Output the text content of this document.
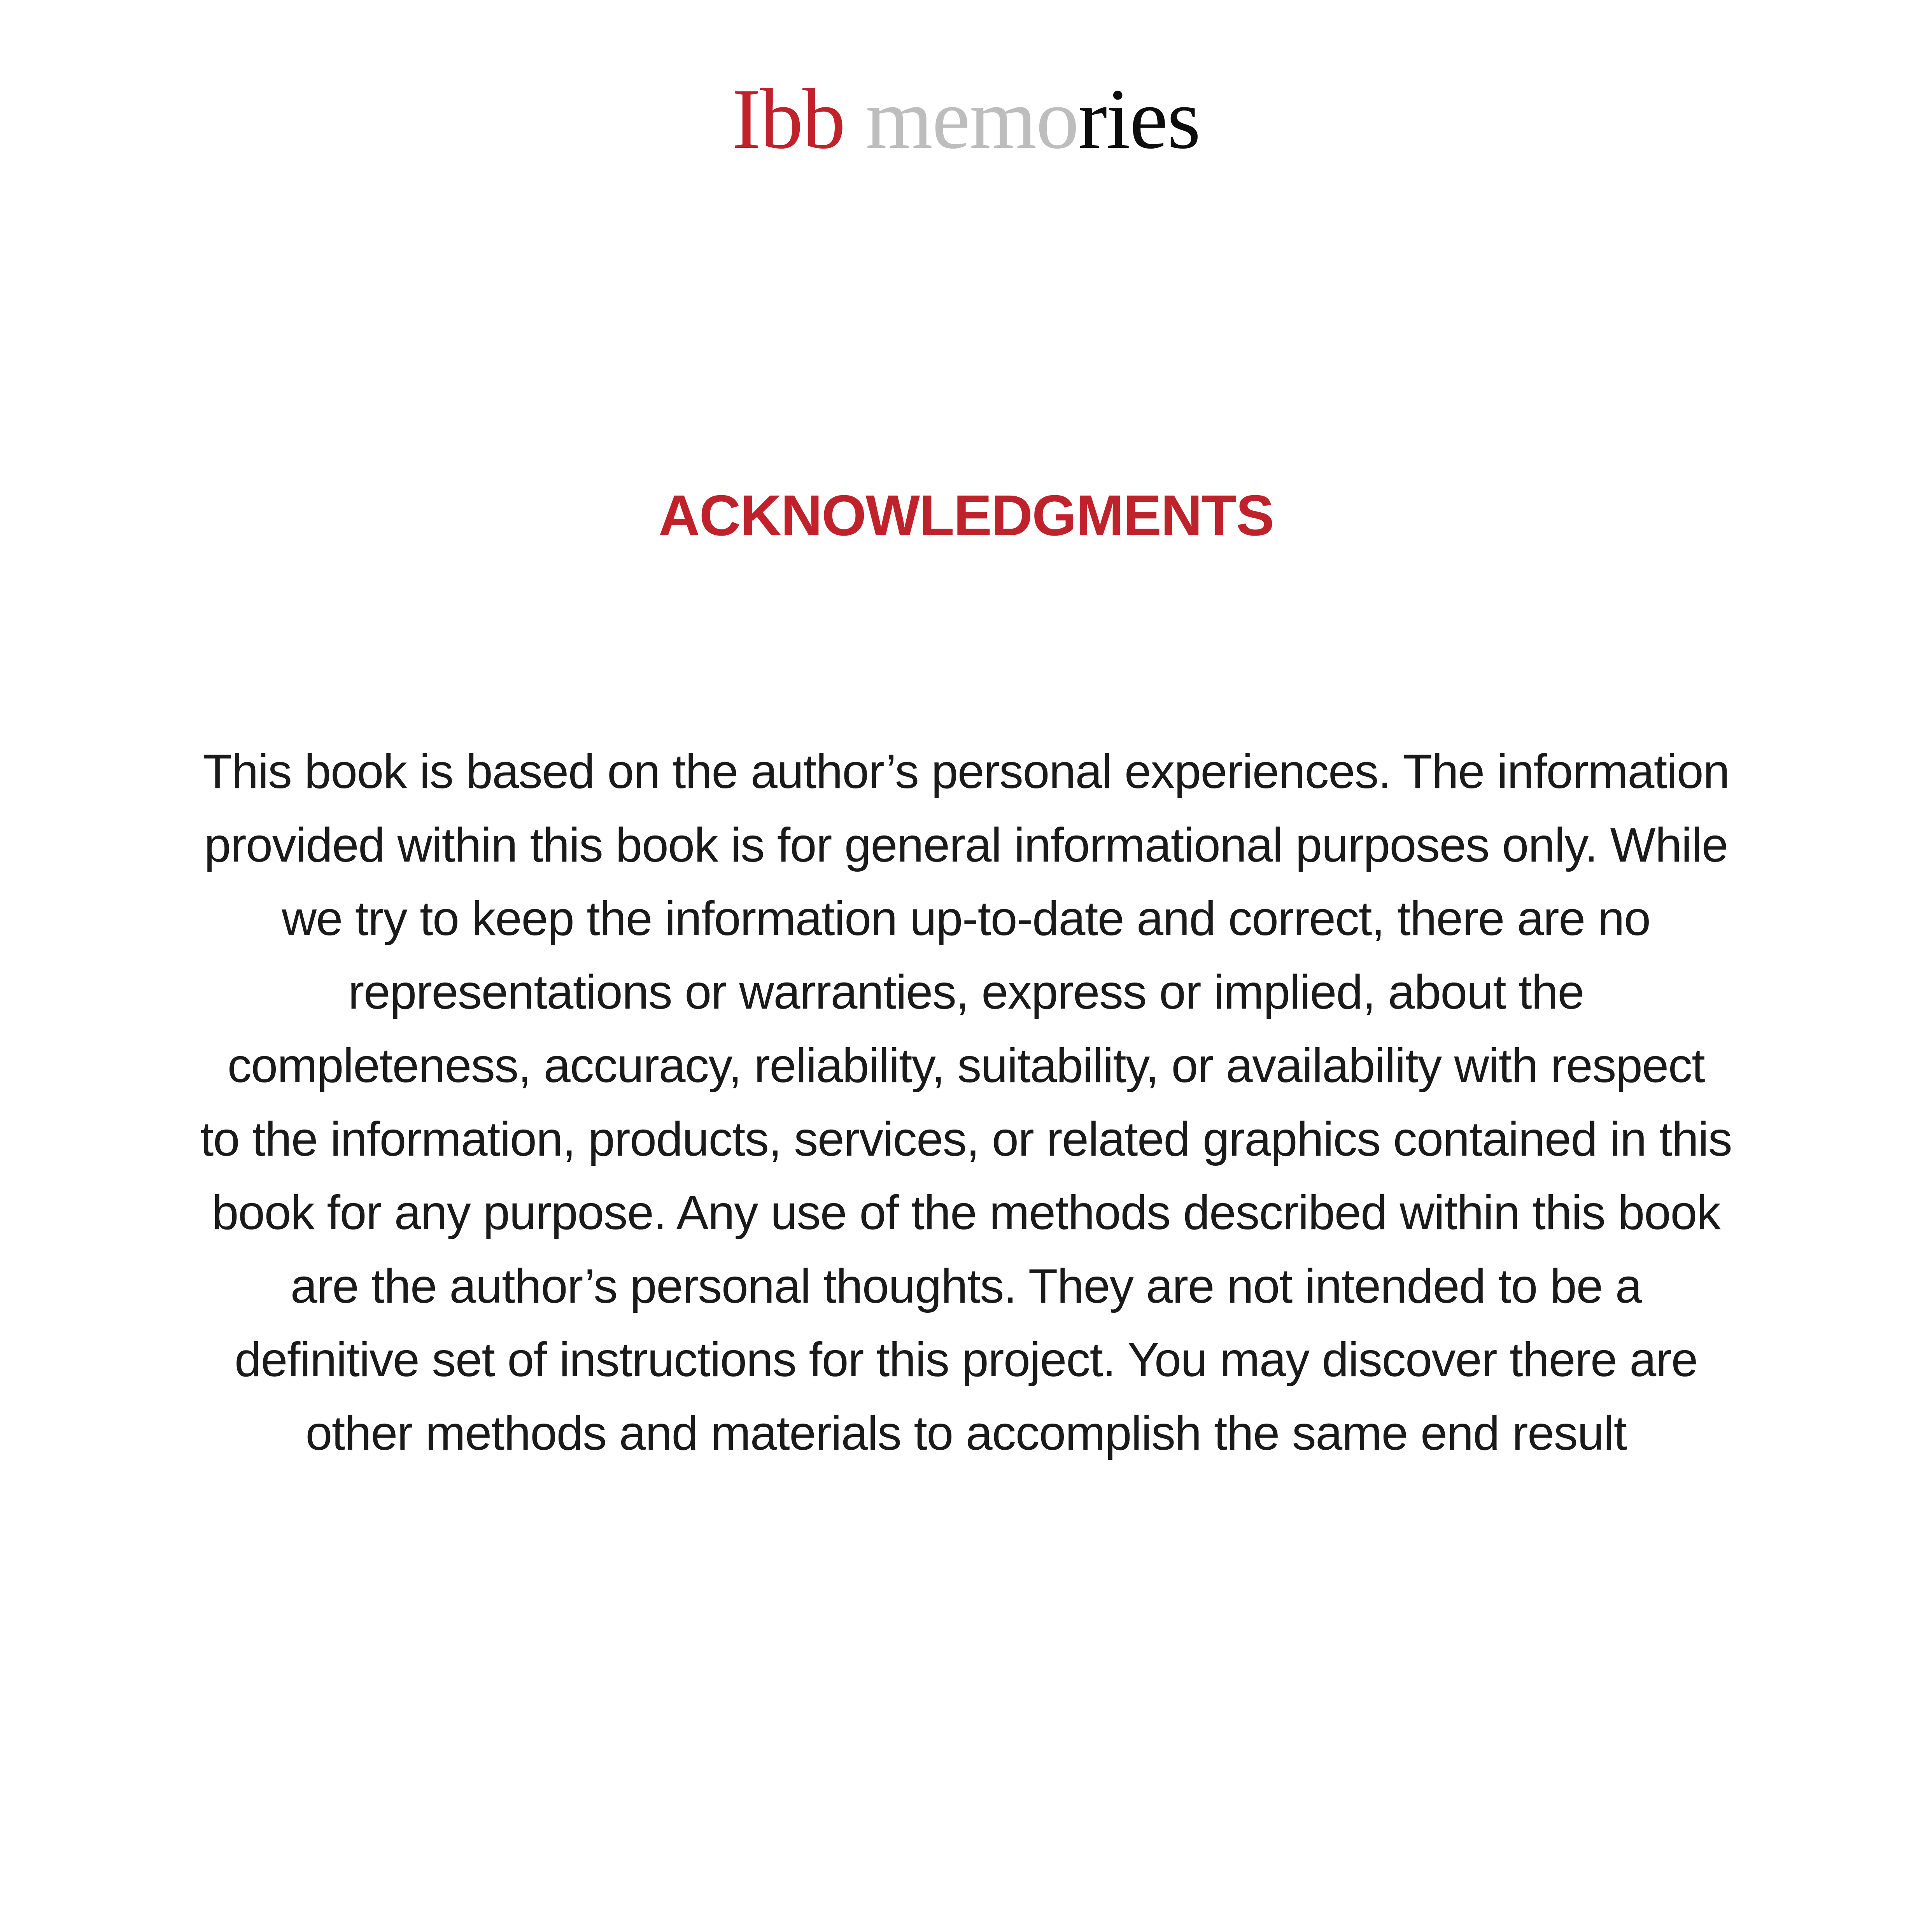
Ibb memories
ACKNOWLEDGMENTS
This book is based on the author’s personal experiences. The information
provided within this book is for general informational purposes only. While
we try to keep the information up-to-date and correct, there are no
representations or warranties, express or implied, about the
completeness, accuracy, reliability, suitability, or availability with respect
to the information, products, services, or related graphics contained in this
book for any purpose. Any use of the methods described within this book
are the author’s personal thoughts. They are not intended to be a
definitive set of instructions for this project. You may discover there are
other methods and materials to accomplish the same end result
